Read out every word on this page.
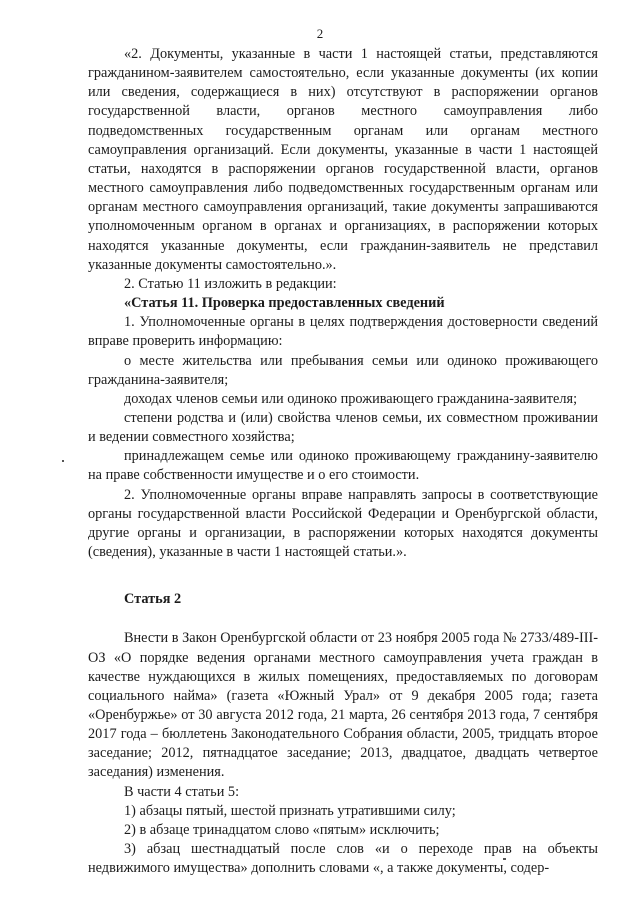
2

«2. Документы, указанные в части 1 настоящей статьи, представляются гражданином-заявителем самостоятельно, если указанные документы (их копии или сведения, содержащиеся в них) отсутствуют в распоряжении органов государственной власти, органов местного самоуправления либо подведомственных государственным органам или органам местного самоуправления организаций. Если документы, указанные в части 1 настоящей статьи, находятся в распоряжении органов государственной власти, органов местного самоуправления либо подведомственных государственным органам или органам местного самоуправления организаций, такие документы запрашиваются уполномоченным органом в органах и организациях, в распоряжении которых находятся указанные документы, если гражданин-заявитель не представил указанные документы самостоятельно.».

2. Статью 11 изложить в редакции:

«Статья 11. Проверка предоставленных сведений

1. Уполномоченные органы в целях подтверждения достоверности сведений вправе проверить информацию:

о месте жительства или пребывания семьи или одиноко проживающего гражданина-заявителя;

доходах членов семьи или одиноко проживающего гражданина-заявителя;

степени родства и (или) свойства членов семьи, их совместном проживании и ведении совместного хозяйства;

принадлежащем семье или одиноко проживающему гражданину-заявителю на праве собственности имуществе и о его стоимости.

2. Уполномоченные органы вправе направлять запросы в соответствующие органы государственной власти Российской Федерации и Оренбургской области, другие органы и организации, в распоряжении которых находятся документы (сведения), указанные в части 1 настоящей статьи.».

Статья 2

Внести в Закон Оренбургской области от 23 ноября 2005 года № 2733/489-III-ОЗ «О порядке ведения органами местного самоуправления учета граждан в качестве нуждающихся в жилых помещениях, предоставляемых по договорам социального найма» (газета «Южный Урал» от 9 декабря 2005 года; газета «Оренбуржье» от 30 августа 2012 года, 21 марта, 26 сентября 2013 года, 7 сентября 2017 года – бюллетень Законодательного Собрания области, 2005, тридцать второе заседание; 2012, пятнадцатое заседание; 2013, двадцатое, двадцать четвертое заседания) изменения.

В части 4 статьи 5:

1) абзацы пятый, шестой признать утратившими силу;

2) в абзаце тринадцатом слово «пятым» исключить;

3) абзац шестнадцатый после слов «и о переходе прав на объекты недвижимого имущества» дополнить словами «, а также документы, содер-
